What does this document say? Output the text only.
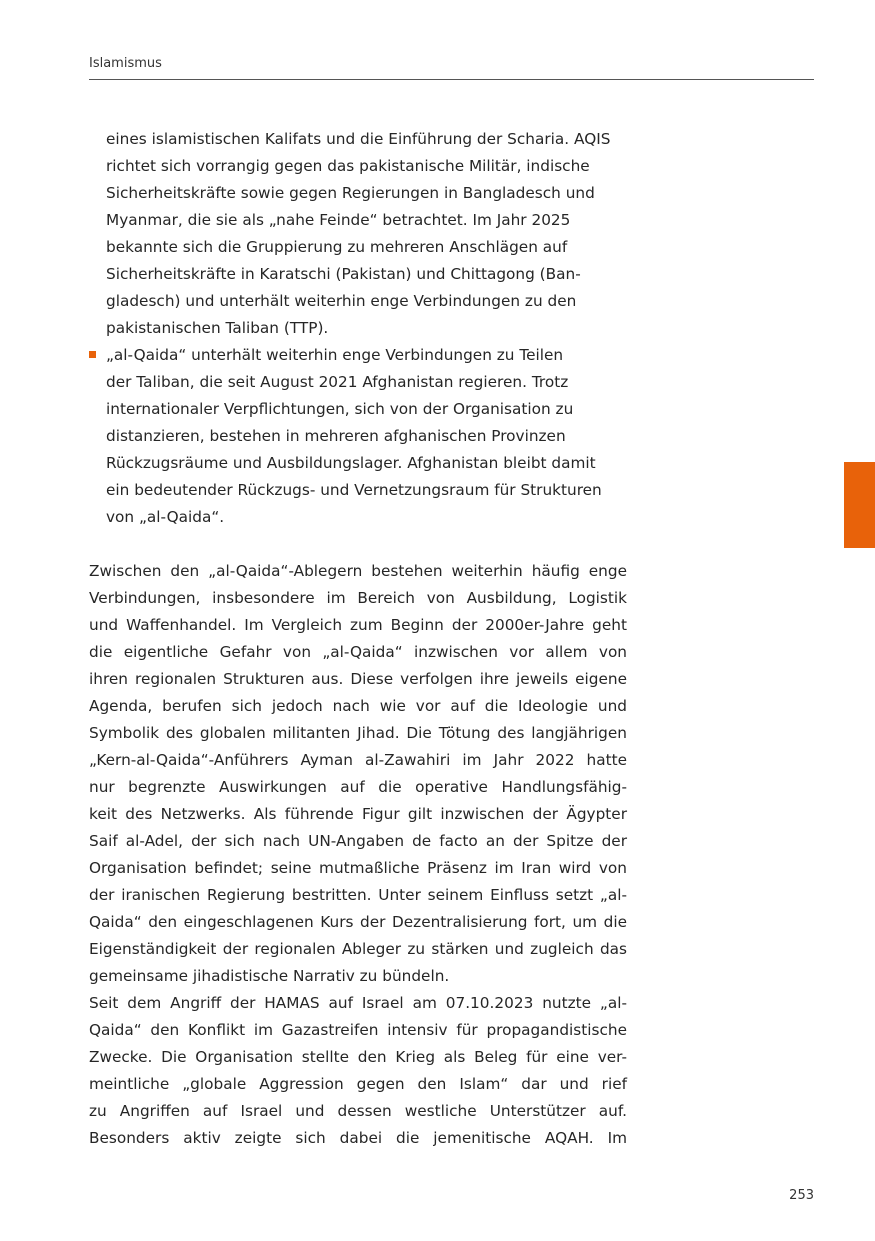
Islamismus
eines islamistischen Kalifats und die Einführung der Scharia. AQIS
richtet sich vorrangig gegen das pakistanische Militär, indische
Sicherheitskräfte sowie gegen Regierungen in Bangladesch und
Myanmar, die sie als „nahe Feinde“ betrachtet. Im Jahr 2025
bekannte sich die Gruppierung zu mehreren Anschlägen auf
Sicherheitskräfte in Karatschi (Pakistan) und Chittagong (Ban-
gladesch) und unterhält weiterhin enge Verbindungen zu den
pakistanischen Taliban (TTP).
„al-Qaida“ unterhält weiterhin enge Verbindungen zu Teilen
der Taliban, die seit August 2021 Afghanistan regieren. Trotz
internationaler Verpflichtungen, sich von der Organisation zu
distanzieren, bestehen in mehreren afghanischen Provinzen
Rückzugsräume und Ausbildungslager. Afghanistan bleibt damit
ein bedeutender Rückzugs- und Vernetzungsraum für Strukturen
von „al-Qaida“.
Zwischen den „al-Qaida“-Ablegern bestehen weiterhin häufig enge
Verbindungen, insbesondere im Bereich von Ausbildung, Logistik
und Waffenhandel. Im Vergleich zum Beginn der 2000er-Jahre geht
die eigentliche Gefahr von „al-Qaida“ inzwischen vor allem von
ihren regionalen Strukturen aus. Diese verfolgen ihre jeweils eigene
Agenda, berufen sich jedoch nach wie vor auf die Ideologie und
Symbolik des globalen militanten Jihad. Die Tötung des langjährigen
„Kern-al-Qaida“-Anführers Ayman al-Zawahiri im Jahr 2022 hatte
nur begrenzte Auswirkungen auf die operative Handlungsfähig-
keit des Netzwerks. Als führende Figur gilt inzwischen der Ägypter
Saif al-Adel, der sich nach UN-Angaben de facto an der Spitze der
Organisation befindet; seine mutmaßliche Präsenz im Iran wird von
der iranischen Regierung bestritten. Unter seinem Einfluss setzt „al-
Qaida“ den eingeschlagenen Kurs der Dezentralisierung fort, um die
Eigenständigkeit der regionalen Ableger zu stärken und zugleich das
gemeinsame jihadistische Narrativ zu bündeln.
Seit dem Angriff der HAMAS auf Israel am 07.10.2023 nutzte „al-
Qaida“ den Konflikt im Gazastreifen intensiv für propagandistische
Zwecke. Die Organisation stellte den Krieg als Beleg für eine ver-
meintliche „globale Aggression gegen den Islam“ dar und rief
zu Angriffen auf Israel und dessen westliche Unterstützer auf.
Besonders aktiv zeigte sich dabei die jemenitische AQAH. Im
253
